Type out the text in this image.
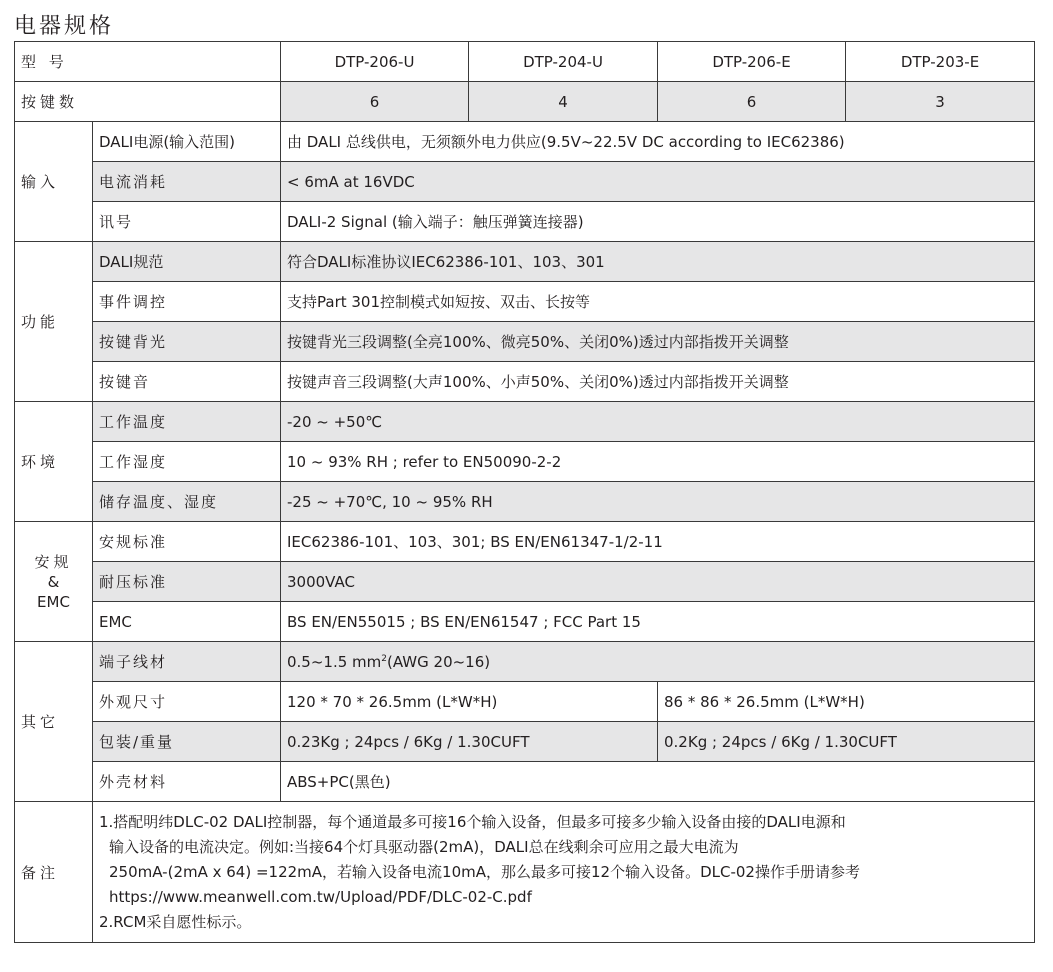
电器规格
型 号		DTP-206-U	DTP-204-U	DTP-206-E	DTP-203-E
按键数		6	4	6	3
输入	DALI电源(输入范围)	由 DALI 总线供电，无须额外电力供应(9.5V~22.5V DC according to IEC62386)			
	电流消耗	< 6mA at 16VDC			
	讯号	DALI-2 Signal (输入端子：触压弹簧连接器)			
功能	DALI规范	符合DALI标准协议IEC62386-101、103、301			
	事件调控	支持Part 301控制模式如短按、双击、长按等			
	按键背光	按键背光三段调整(全亮100%、微亮50%、关闭0%)透过内部指拨开关调整			
	按键音	按键声音三段调整(大声100%、小声50%、关闭0%)透过内部指拨开关调整			
环境	工作温度	-20 ~ +50℃			
	工作湿度	10 ~ 93% RH ; refer to EN50090-2-2			
	储存温度、湿度	-25 ~ +70℃, 10 ~ 95% RH			

安规
&
EMC	安规标准	IEC62386-101、103、301; BS EN/EN61347-1/2-11			
	耐压标准	3000VAC			
	EMC	BS EN/EN55015 ; BS EN/EN61547 ; FCC Part 15			
其它	端子线材	0.5~1.5 $mm^2(AWG$ 20~16)			
	外观尺寸	120 * 70 * 26.5mm (L*W*H)		86 * 86 * 26.5mm (L*W*H)	
	包装/重量	0.23Kg ; 24pcs / 6Kg / 1.30CUFT		0.2Kg ; 24pcs / 6Kg / 1.30CUFT	
	外壳材料	ABS+PC(黑色)			
备注	1.搭配明纬DLC-02 DALI控制器，每个通道最多可接16个输入设备，但最多可接多少输入设备由接的DALI电源和
输入设备的电流决定。例如:当接64个灯具驱动器(2mA)，DALI总在线剩余可应用之最大电流为
250mA-(2mA x 64) =122mA，若输入设备电流10mA，那么最多可接12个输入设备。DLC-02操作手册请参考
https://www.meanwell.com.tw/Upload/PDF/DLC-02-C.pdf
2.RCM采自愿性标示。				
